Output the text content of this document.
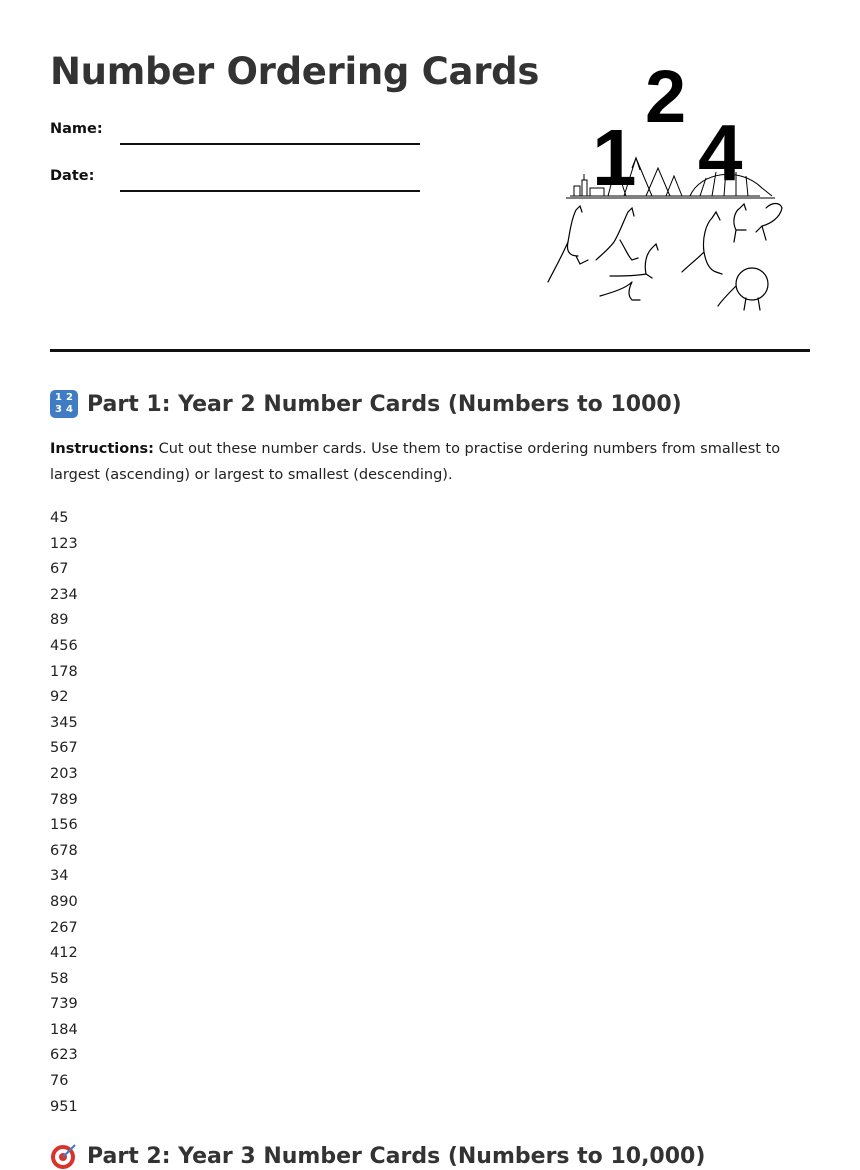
Number Ordering Cards
Name:
Date:	1
2
4
1 2
3 4 Part 1: Year 2 Number Cards (Numbers to 1000)

Instructions: Cut out these number cards. Use them to practise ordering numbers from smallest to largest (ascending) or largest to smallest (descending).

45
123
67
234
89
456
178
92
345
567
203
789
156
678
34
890
267
412
58
739
184
623
76
951
Part 2: Year 3 Number Cards (Numbers to 10,000)
